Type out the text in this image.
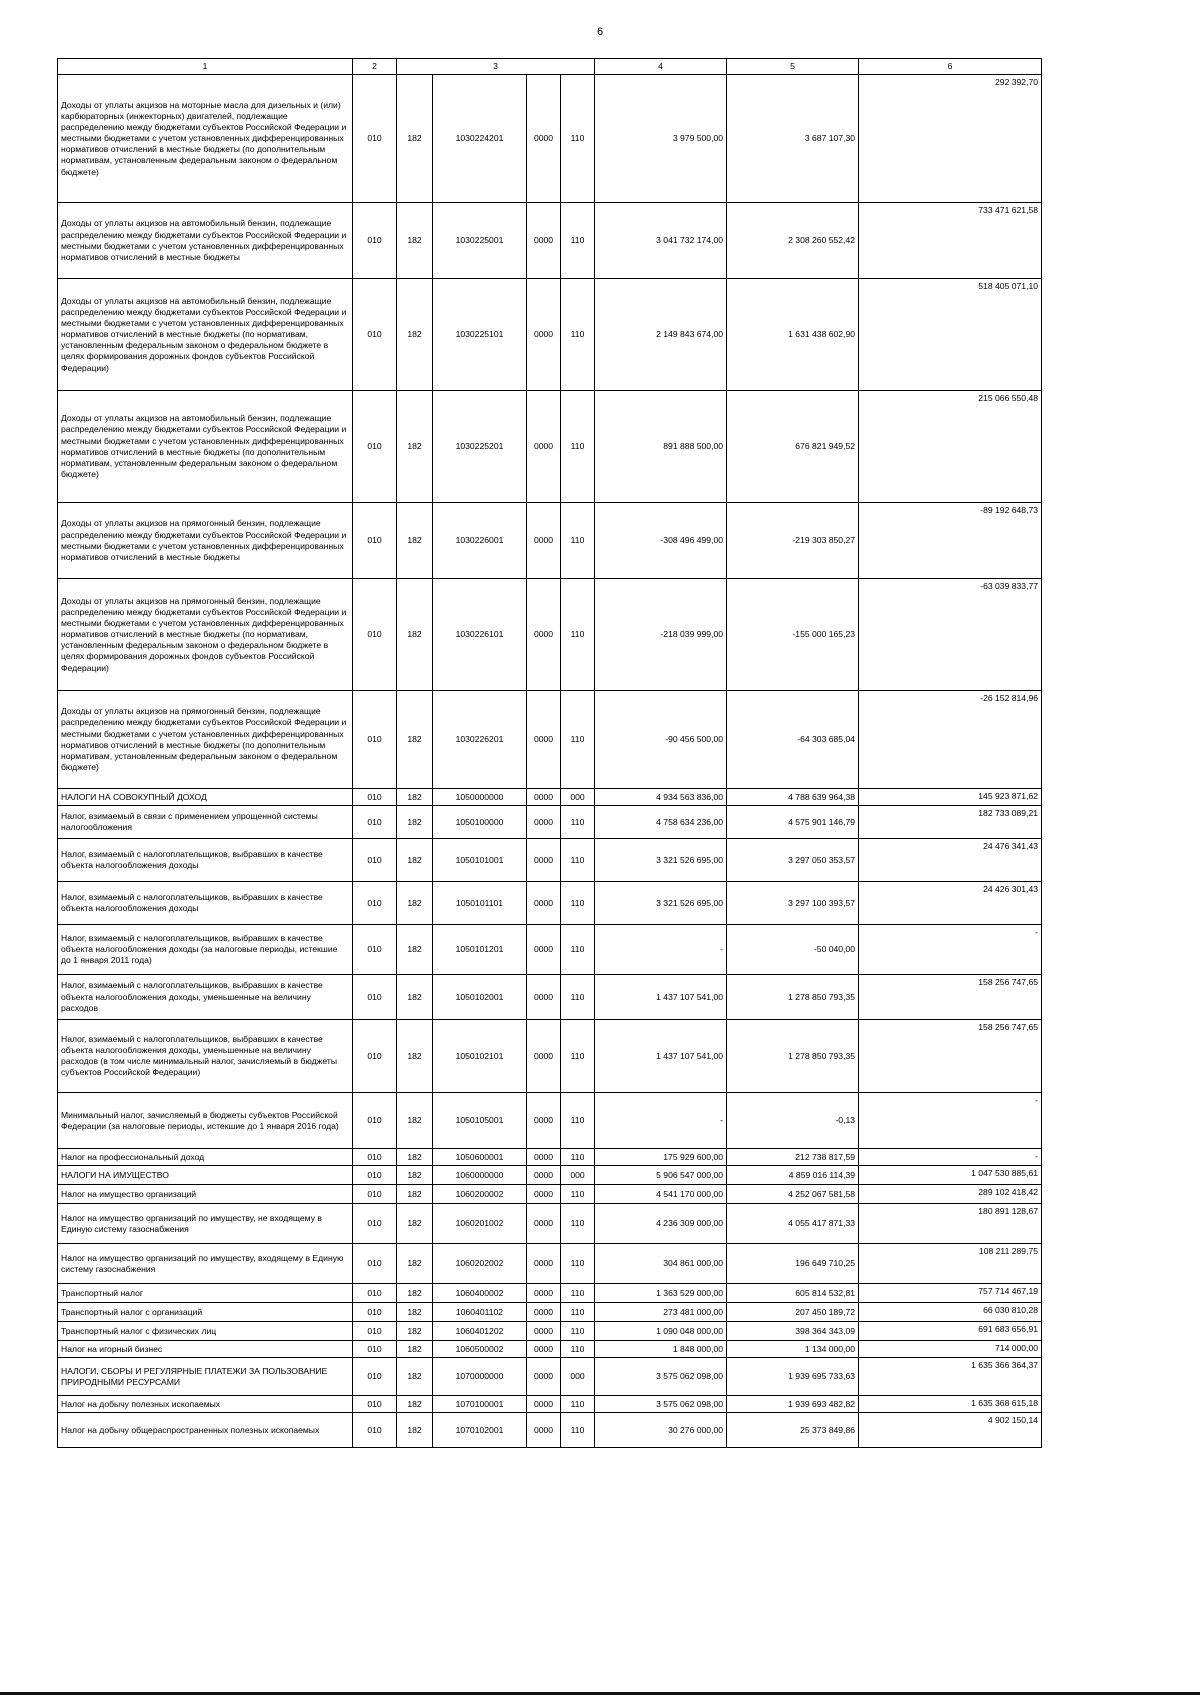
6
1	2	3				4	5	6
Доходы от уплаты акцизов на моторные масла для дизельных и (или) карбюраторных (инжекторных) двигателей, подлежащие распределению между бюджетами субъектов Российской Федерации и местными бюджетами с учетом установленных дифференцированных нормативов отчислений в местные бюджеты (по дополнительным нормативам, установленным федеральным законом о федеральном бюджете)	010	182	1030224201	0000	110	3 979 500,00	3 687 107,30	292 392,70
Доходы от уплаты акцизов на автомобильный бензин, подлежащие распределению между бюджетами субъектов Российской Федерации и местными бюджетами с учетом установленных дифференцированных нормативов отчислений в местные бюджеты	010	182	1030225001	0000	110	3 041 732 174,00	2 308 260 552,42	733 471 621,58
Доходы от уплаты акцизов на автомобильный бензин, подлежащие распределению между бюджетами субъектов Российской Федерации и местными бюджетами с учетом установленных дифференцированных нормативов отчислений в местные бюджеты (по нормативам, установленным федеральным законом о федеральном бюджете в целях формирования дорожных фондов субъектов Российской Федерации)	010	182	1030225101	0000	110	2 149 843 674,00	1 631 438 602,90	518 405 071,10
Доходы от уплаты акцизов на автомобильный бензин, подлежащие распределению между бюджетами субъектов Российской Федерации и местными бюджетами с учетом установленных дифференцированных нормативов отчислений в местные бюджеты (по дополнительным нормативам, установленным федеральным законом о федеральном бюджете)	010	182	1030225201	0000	110	891 888 500,00	676 821 949,52	215 066 550,48
Доходы от уплаты акцизов на прямогонный бензин, подлежащие распределению между бюджетами субъектов Российской Федерации и местными бюджетами с учетом установленных дифференцированных нормативов отчислений в местные бюджеты	010	182	1030226001	0000	110	-308 496 499,00	-219 303 850,27	-89 192 648,73
Доходы от уплаты акцизов на прямогонный бензин, подлежащие распределению между бюджетами субъектов Российской Федерации и местными бюджетами с учетом установленных дифференцированных нормативов отчислений в местные бюджеты (по нормативам, установленным федеральным законом о федеральном бюджете в целях формирования дорожных фондов субъектов Российской Федерации)	010	182	1030226101	0000	110	-218 039 999,00	-155 000 165,23	-63 039 833,77
Доходы от уплаты акцизов на прямогонный бензин, подлежащие распределению между бюджетами субъектов Российской Федерации и местными бюджетами с учетом установленных дифференцированных нормативов отчислений в местные бюджеты (по дополнительным нормативам, установленным федеральным законом о федеральном бюджете)	010	182	1030226201	0000	110	-90 456 500,00	-64 303 685,04	-26 152 814,96
НАЛОГИ НА СОВОКУПНЫЙ ДОХОД	010	182	1050000000	0000	000	4 934 563 836,00	4 788 639 964,38	145 923 871,62
Налог, взимаемый в связи с применением упрощенной системы налогообложения	010	182	1050100000	0000	110	4 758 634 236,00	4 575 901 146,79	182 733 089,21
Налог, взимаемый с налогоплательщиков, выбравших в качестве объекта налогообложения доходы	010	182	1050101001	0000	110	3 321 526 695,00	3 297 050 353,57	24 476 341,43
Налог, взимаемый с налогоплательщиков, выбравших в качестве объекта налогообложения доходы	010	182	1050101101	0000	110	3 321 526 695,00	3 297 100 393,57	24 426 301,43
Налог, взимаемый с налогоплательщиков, выбравших в качестве объекта налогообложения доходы (за налоговые периоды, истекшие до 1 января 2011 года)	010	182	1050101201	0000	110	-	-50 040,00	-
Налог, взимаемый с налогоплательщиков, выбравших в качестве объекта налогообложения доходы, уменьшенные на величину расходов	010	182	1050102001	0000	110	1 437 107 541,00	1 278 850 793,35	158 256 747,65
Налог, взимаемый с налогоплательщиков, выбравших в качестве объекта налогообложения доходы, уменьшенные на величину расходов (в том числе минимальный налог, зачисляемый в бюджеты субъектов Российской Федерации)	010	182	1050102101	0000	110	1 437 107 541,00	1 278 850 793,35	158 256 747,65
Минимальный налог, зачисляемый в бюджеты субъектов Российской Федерации (за налоговые периоды, истекшие до 1 января 2016 года)	010	182	1050105001	0000	110	-	-0,13	-
Налог на профессиональный доход	010	182	1050600001	0000	110	175 929 600,00	212 738 817,59	-
НАЛОГИ НА ИМУЩЕСТВО	010	182	1060000000	0000	000	5 906 547 000,00	4 859 016 114,39	1 047 530 885,61
Налог на имущество организаций	010	182	1060200002	0000	110	4 541 170 000,00	4 252 067 581,58	289 102 418,42
Налог на имущество организаций по имуществу, не входящему в Единую систему газоснабжения	010	182	1060201002	0000	110	4 236 309 000,00	4 055 417 871,33	180 891 128,67
Налог на имущество организаций по имуществу, входящему в Единую систему газоснабжения	010	182	1060202002	0000	110	304 861 000,00	196 649 710,25	108 211 289,75
Транспортный налог	010	182	1060400002	0000	110	1 363 529 000,00	605 814 532,81	757 714 467,19
Транспортный налог с организаций	010	182	1060401102	0000	110	273 481 000,00	207 450 189,72	66 030 810,28
Транспортный налог с физических лиц	010	182	1060401202	0000	110	1 090 048 000,00	398 364 343,09	691 683 656,91
Налог на игорный бизнес	010	182	1060500002	0000	110	1 848 000,00	1 134 000,00	714 000,00
НАЛОГИ, СБОРЫ И РЕГУЛЯРНЫЕ ПЛАТЕЖИ ЗА ПОЛЬЗОВАНИЕ ПРИРОДНЫМИ РЕСУРСАМИ	010	182	1070000000	0000	000	3 575 062 098,00	1 939 695 733,63	1 635 366 364,37
Налог на добычу полезных ископаемых	010	182	1070100001	0000	110	3 575 062 098,00	1 939 693 482,82	1 635 368 615,18
Налог на добычу общераспространенных полезных ископаемых	010	182	1070102001	0000	110	30 276 000,00	25 373 849,86	4 902 150,14
